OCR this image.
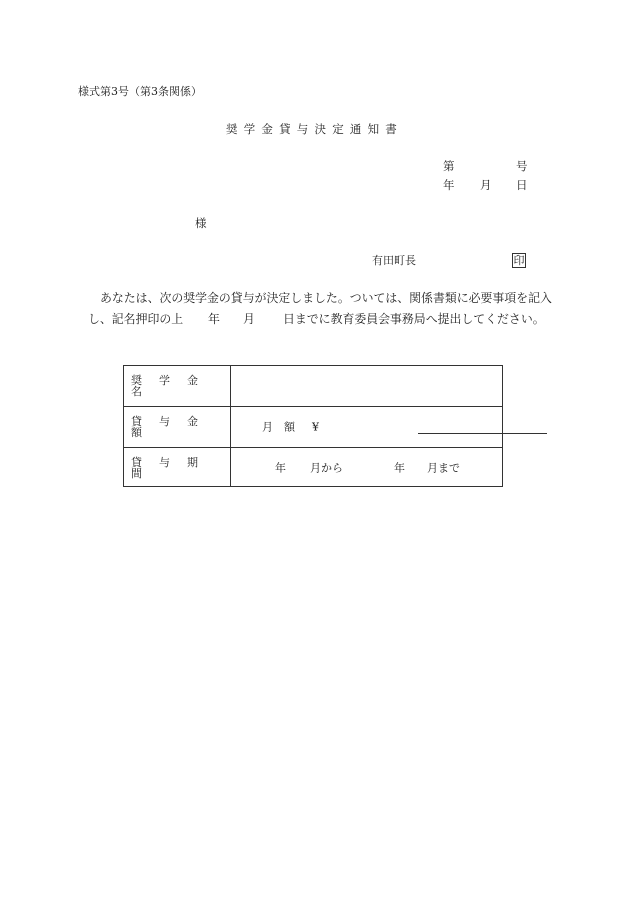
様式第3号（第3条関係）
奨学金貸与決定通知書
第	号
年 月 日
様
有田町長	印
あなたは、次の奨学金の貸与が決定しました。ついては、関係書類に必要事項を記入
し、記名押印の上 年 月 日までに教育委員会事務局へ提出してください。
奨学金名
貸与金額	月額 ¥
貸与期間	年 月から	年 月まで
